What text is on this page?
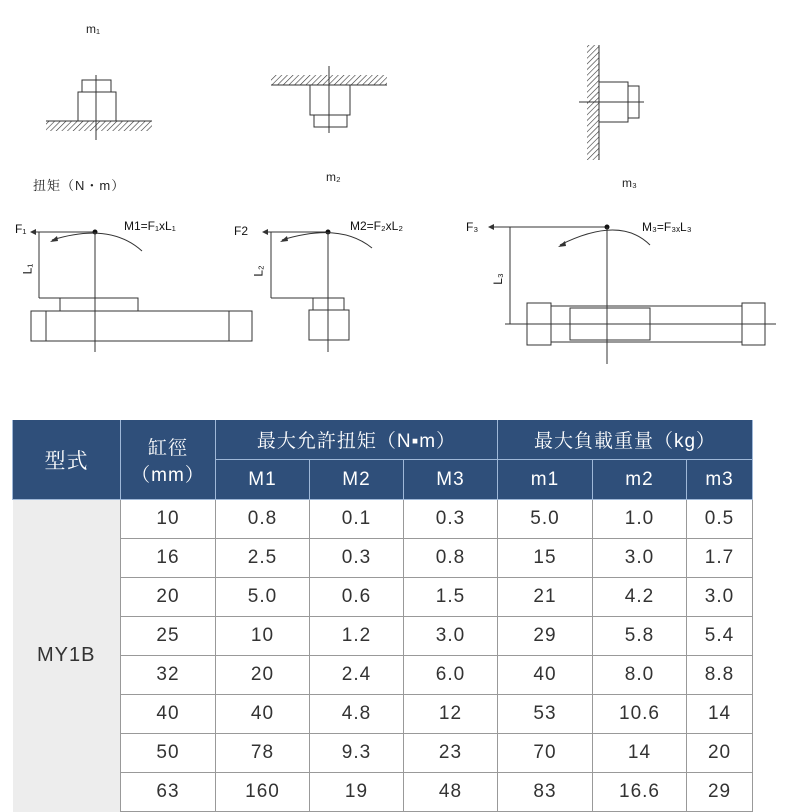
m₁
m₂	m₃
扭矩（N・m）
F₁	M1=F₁xL₁
L₁
F2	M2=F₂xL₂
L₂
F₃	M₃=F₃ₓL₃
L₃
型式	缸徑
（mm）	最大允許扭矩（N▪m）			最大負載重量（kg）		
		M1	M2	M3	m1	m2	m3
MY1B	10	0.8	0.1	0.3	5.0	1.0	0.5
	16	2.5	0.3	0.8	15	3.0	1.7
	20	5.0	0.6	1.5	21	4.2	3.0
	25	10	1.2	3.0	29	5.8	5.4
	32	20	2.4	6.0	40	8.0	8.8
	40	40	4.8	12	53	10.6	14
	50	78	9.3	23	70	14	20
	63	160	19	48	83	16.6	29
